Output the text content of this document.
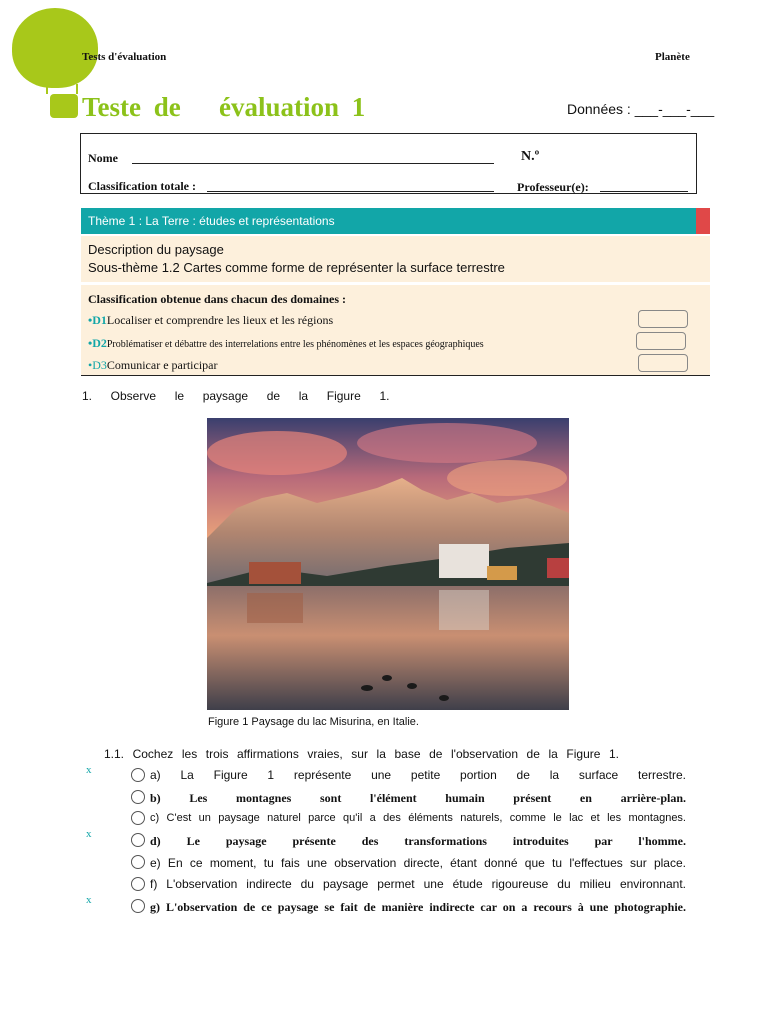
Tests d'évaluation	Planète
Teste de   évaluation 1	Données : ___-___-___
Nome	N.º
Classification totale :	Professeur(e):
Thème 1 : La Terre : études et représentations
Description du paysage
Sous-thème 1.2 Cartes comme forme de représenter la surface terrestre
Classification obtenue dans chacun des domaines :
•D1Localiser et comprendre les lieux et les régions
•D2Problématiser et débattre des interrelations entre les phénomènes et les espaces géographiques
•D3Comunicar e participar
1.  Observe  le  paysage  de  la  Figure  1.
Figure 1 Paysage du lac Misurina, en Italie.
1.1. Cochez les trois affirmations vraies, sur la base de l'observation de la Figure 1.
x
x
x
a) La Figure 1 représente une petite portion de la surface terrestre.
b) Les montagnes sont l'élément humain présent en arrière-plan.
c) C'est un paysage naturel parce qu'il a des éléments naturels, comme le lac et les montagnes.
d) Le paysage présente des transformations introduites par l'homme.
e) En ce moment, tu fais une observation directe, étant donné que tu l'effectues sur place.
f) L'observation indirecte du paysage permet une étude rigoureuse du milieu environnant.
g) L'observation de ce paysage se fait de manière indirecte car on a recours à une photographie.
